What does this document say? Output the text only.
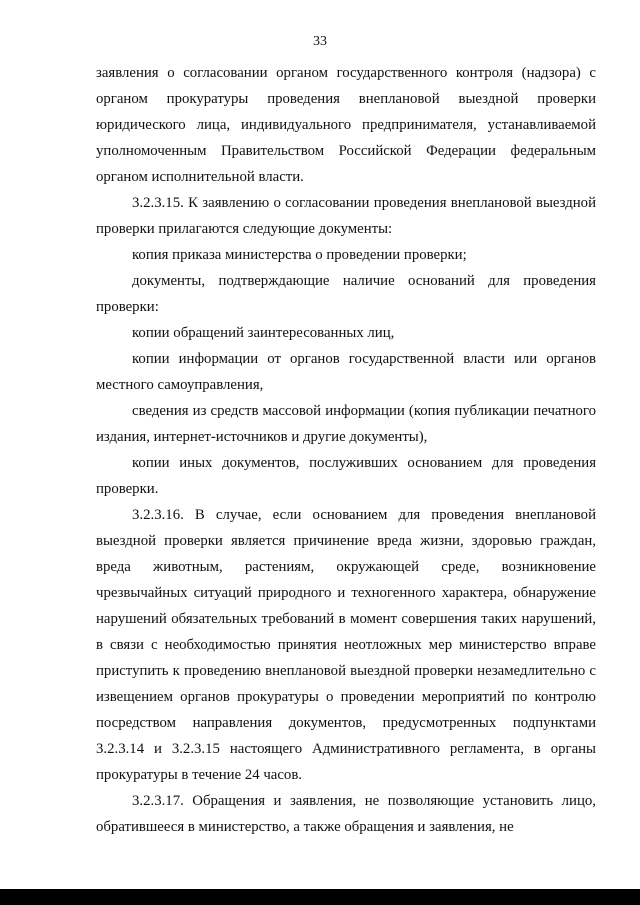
33

заявления о согласовании органом государственного контроля (надзора) с органом прокуратуры проведения внеплановой выездной проверки юридического лица, индивидуального предпринимателя, устанавливаемой уполномоченным Правительством Российской Федерации федеральным органом исполнительной власти.

3.2.3.15. К заявлению о согласовании проведения внеплановой выездной проверки прилагаются следующие документы:

копия приказа министерства о проведении проверки;

документы, подтверждающие наличие оснований для проведения проверки:

копии обращений заинтересованных лиц,

копии информации от органов государственной власти или органов местного самоуправления,

сведения из средств массовой информации (копия публикации печатного издания, интернет-источников и другие документы),

копии иных документов, послуживших основанием для проведения проверки.

3.2.3.16. В случае, если основанием для проведения внеплановой выездной проверки является причинение вреда жизни, здоровью граждан, вреда животным, растениям, окружающей среде, возникновение чрезвычайных ситуаций природного и техногенного характера, обнаружение нарушений обязательных требований в момент совершения таких нарушений, в связи с необходимостью принятия неотложных мер министерство вправе приступить к проведению внеплановой выездной проверки незамедлительно с извещением органов прокуратуры о проведении мероприятий по контролю посредством направления документов, предусмотренных подпунктами 3.2.3.14 и 3.2.3.15 настоящего Административного регламента, в органы прокуратуры в течение 24 часов.

3.2.3.17. Обращения и заявления, не позволяющие установить лицо, обратившееся в министерство, а также обращения и заявления, не
